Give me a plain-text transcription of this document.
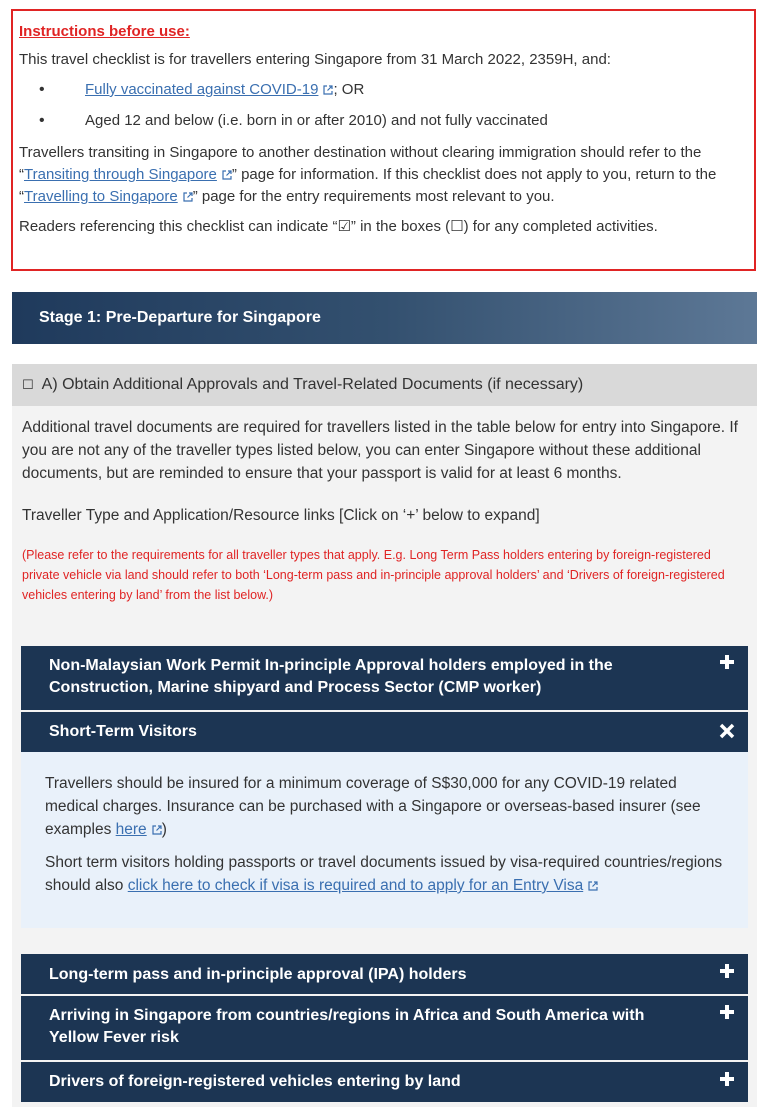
Instructions before use:

This travel checklist is for travellers entering Singapore from 31 March 2022, 2359H, and:

•	Fully vaccinated against COVID-19 ; OR
•	Aged 12 and below (i.e. born in or after 2010) and not fully vaccinated

Travellers transiting in Singapore to another destination without clearing immigration should refer to the “Transiting through Singapore ” page for information. If this checklist does not apply to you, return to the “Travelling to Singapore ” page for the entry requirements most relevant to you.

Readers referencing this checklist can indicate “☑” in the boxes (☐) for any completed activities.

Stage 1: Pre-Departure for Singapore
☐ A) Obtain Additional Approvals and Travel-Related Documents (if necessary)

Additional travel documents are required for travellers listed in the table below for entry into Singapore. If you are not any of the traveller types listed below, you can enter Singapore without these additional documents, but are reminded to ensure that your passport is valid for at least 6 months.

Traveller Type and Application/Resource links [Click on ‘+’ below to expand]

(Please refer to the requirements for all traveller types that apply. E.g. Long Term Pass holders entering by foreign-registered private vehicle via land should refer to both ‘Long-term pass and in-principle approval holders’ and ‘Drivers of foreign-registered vehicles entering by land’ from the list below.)

Non-Malaysian Work Permit In-principle Approval holders employed in the Construction, Marine shipyard and Process Sector (CMP worker)
Short-Term Visitors

Travellers should be insured for a minimum coverage of S$30,000 for any COVID-19 related medical charges. Insurance can be purchased with a Singapore or overseas-based insurer (see examples here )

Short term visitors holding passports or travel documents issued by visa-required countries/regions should also click here to check if visa is required and to apply for an Entry Visa

Long-term pass and in-principle approval (IPA) holders
Arriving in Singapore from countries/regions in Africa and South America with Yellow Fever risk
Drivers of foreign-registered vehicles entering by land
